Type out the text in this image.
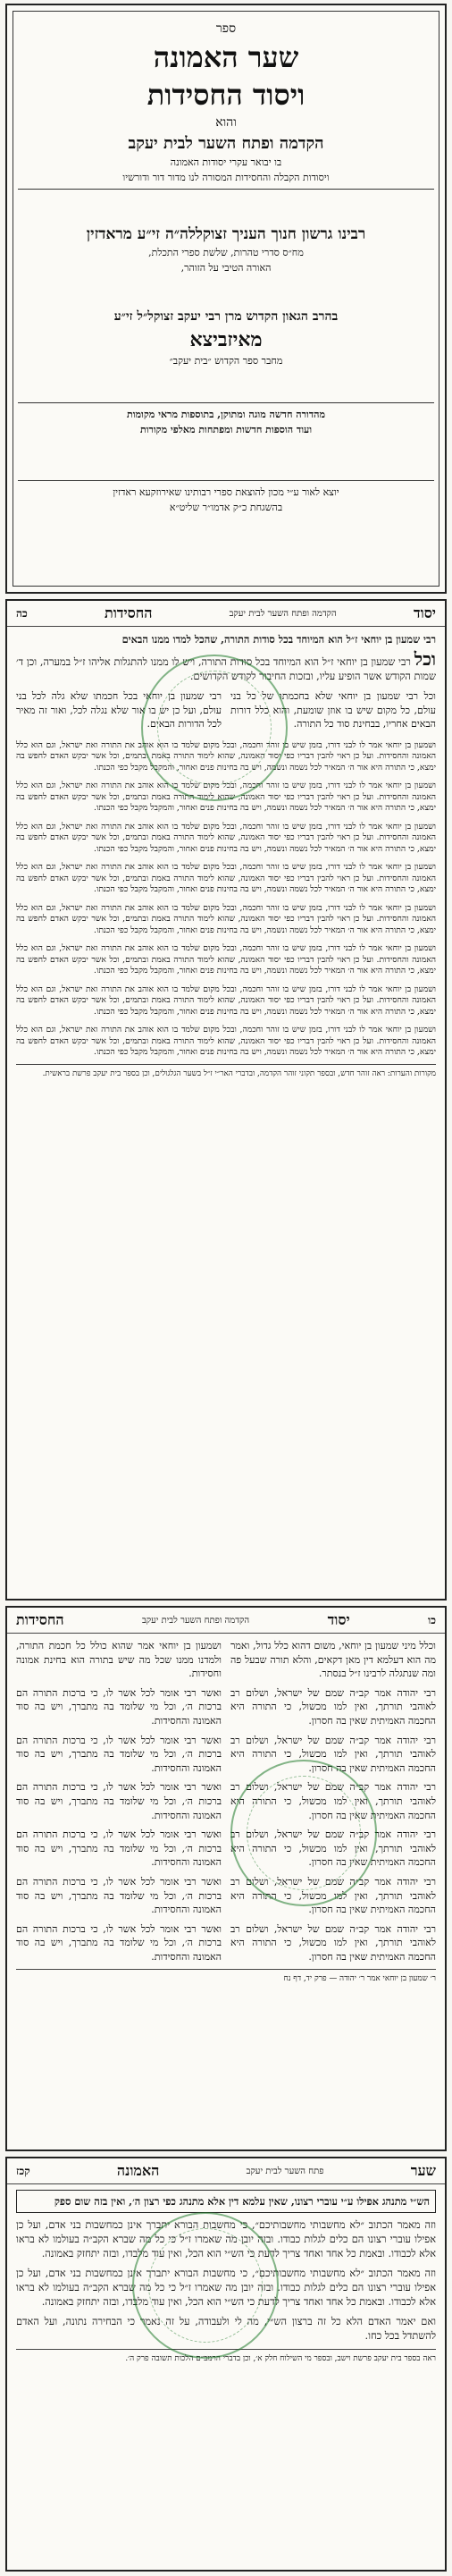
ספר
שער האמונה
ויסוד החסידות
והוא
הקדמה ופתח השער לבית יעקב
בו יבואר עקרי יסודות האמונה
ויסודות הקבלה והחסידות המסורה לנו מדור דור ודורשיו
רבינו גרשון חנוך העניך זצוקללה״ה זי״ע מראדזין
מח״ס סדרי טהרות, שלשת ספרי התכלת,
האורה הטיבי על הזוהר,
בהרב הגאון הקדוש מרן רבי יעקב זצוקל״ל זי״ע
מאיזביצא
מחבר ספר הקדוש ״בית יעקב״
מהדורה חדשה מוגה ומתוקן, בתוספות מראי מקומות
ועוד הוספות חדשות ומפתחות מאלפי מקורות
יוצא לאור ע״י מכון להוצאת ספרי רבותינו שאירוזקעא ראדזין
בהשגחת כ״ק אדמו״ר שליט״א
יסוד
הקדמה ופתח השער לבית יעקב
החסידות
כה
רבי שמעון בן יוחאי ז״ל הוא המיוחד בכל סודות התורה, שהכל למדו ממנו הבאים
וכל רבי שמעון בן יוחאי ז״ל הוא המיוחד בכל סודות התורה, ויש לו ממנו להתגלות אליהו ז״ל במערה, וכן ד׳ שמות הקודש אשר הופיע עליו, ובזכות החיבור לקודש הקדושים.
וכל רבי שמעון בן יוחאי שלא בחכמתו של כל בני עולם, כל מקום שיש בו אוזן שומעת, והוא כלל דורות הבאים אחריו, בבחינת סוד כל התורה.
רבי שמעון בן יוחאי בכל חכמתו שלא גלה לכל בני עולם, ועל כן יש בו אור שלא נגלה לכל, ואור זה מאיר לכל הדורות הבאים.
ושמעון בן יוחאי אמר לו לבני דורו, בזמן שיש בו זוהר וחכמה, ובכל מקום שלמד בו הוא אוהב את התורה ואת ישראל, וגם הוא כלל האמונה והחסידות. ועל כן ראוי להבין דבריו כפי יסוד האמונה, שהוא לימוד התורה באמת ובתמים, וכל אשר יבקש האדם לחפש בה ימצא, כי התורה היא אור ה׳ המאיר לכל נשמה ונשמה, ויש בה בחינות פנים ואחור, והמקבל מקבל כפי הכנתו.
ושמעון בן יוחאי אמר לו לבני דורו, בזמן שיש בו זוהר וחכמה, ובכל מקום שלמד בו הוא אוהב את התורה ואת ישראל, וגם הוא כלל האמונה והחסידות. ועל כן ראוי להבין דבריו כפי יסוד האמונה, שהוא לימוד התורה באמת ובתמים, וכל אשר יבקש האדם לחפש בה ימצא, כי התורה היא אור ה׳ המאיר לכל נשמה ונשמה, ויש בה בחינות פנים ואחור, והמקבל מקבל כפי הכנתו.
ושמעון בן יוחאי אמר לו לבני דורו, בזמן שיש בו זוהר וחכמה, ובכל מקום שלמד בו הוא אוהב את התורה ואת ישראל, וגם הוא כלל האמונה והחסידות. ועל כן ראוי להבין דבריו כפי יסוד האמונה, שהוא לימוד התורה באמת ובתמים, וכל אשר יבקש האדם לחפש בה ימצא, כי התורה היא אור ה׳ המאיר לכל נשמה ונשמה, ויש בה בחינות פנים ואחור, והמקבל מקבל כפי הכנתו.
ושמעון בן יוחאי אמר לו לבני דורו, בזמן שיש בו זוהר וחכמה, ובכל מקום שלמד בו הוא אוהב את התורה ואת ישראל, וגם הוא כלל האמונה והחסידות. ועל כן ראוי להבין דבריו כפי יסוד האמונה, שהוא לימוד התורה באמת ובתמים, וכל אשר יבקש האדם לחפש בה ימצא, כי התורה היא אור ה׳ המאיר לכל נשמה ונשמה, ויש בה בחינות פנים ואחור, והמקבל מקבל כפי הכנתו.
ושמעון בן יוחאי אמר לו לבני דורו, בזמן שיש בו זוהר וחכמה, ובכל מקום שלמד בו הוא אוהב את התורה ואת ישראל, וגם הוא כלל האמונה והחסידות. ועל כן ראוי להבין דבריו כפי יסוד האמונה, שהוא לימוד התורה באמת ובתמים, וכל אשר יבקש האדם לחפש בה ימצא, כי התורה היא אור ה׳ המאיר לכל נשמה ונשמה, ויש בה בחינות פנים ואחור, והמקבל מקבל כפי הכנתו.
ושמעון בן יוחאי אמר לו לבני דורו, בזמן שיש בו זוהר וחכמה, ובכל מקום שלמד בו הוא אוהב את התורה ואת ישראל, וגם הוא כלל האמונה והחסידות. ועל כן ראוי להבין דבריו כפי יסוד האמונה, שהוא לימוד התורה באמת ובתמים, וכל אשר יבקש האדם לחפש בה ימצא, כי התורה היא אור ה׳ המאיר לכל נשמה ונשמה, ויש בה בחינות פנים ואחור, והמקבל מקבל כפי הכנתו.
ושמעון בן יוחאי אמר לו לבני דורו, בזמן שיש בו זוהר וחכמה, ובכל מקום שלמד בו הוא אוהב את התורה ואת ישראל, וגם הוא כלל האמונה והחסידות. ועל כן ראוי להבין דבריו כפי יסוד האמונה, שהוא לימוד התורה באמת ובתמים, וכל אשר יבקש האדם לחפש בה ימצא, כי התורה היא אור ה׳ המאיר לכל נשמה ונשמה, ויש בה בחינות פנים ואחור, והמקבל מקבל כפי הכנתו.
ושמעון בן יוחאי אמר לו לבני דורו, בזמן שיש בו זוהר וחכמה, ובכל מקום שלמד בו הוא אוהב את התורה ואת ישראל, וגם הוא כלל האמונה והחסידות. ועל כן ראוי להבין דבריו כפי יסוד האמונה, שהוא לימוד התורה באמת ובתמים, וכל אשר יבקש האדם לחפש בה ימצא, כי התורה היא אור ה׳ המאיר לכל נשמה ונשמה, ויש בה בחינות פנים ואחור, והמקבל מקבל כפי הכנתו.
מקורות והערות: ראה זוהר חדש, ובספר תקוני זוהר הקדמה, ובדברי האר״י ז״ל בשער הגלגולים, וכן בספר בית יעקב פרשת בראשית.
כו
יסוד
הקדמה ופתח השער לבית יעקב
החסידות
וכלל מיני שמעון בן יוחאי, משום דהוא כלל גדול, ואמר מה הוא דעלמא דין מאן דקאים, והלא תורה שבעל פה ומה שנתגלה לרבינו ז״ל בנסתר.
ושמעון בן יוחאי אמר שהוא כולל כל חכמת התורה, ולמדנו ממנו שכל מה שיש בתורה הוא בחינת אמונה וחסידות.
רבי יהודה אמר קב״ה שמם של ישראל, ושלום רב לאוהבי תורתך, ואין למו מכשול, כי התורה היא החכמה האמיתית שאין בה חסרון.
ואשר רבי אומר לכל אשר לו, כי ברכות התורה הם ברכות ה׳, וכל מי שלומד בה מתברך, ויש בה סוד האמונה והחסידות.
רבי יהודה אמר קב״ה שמם של ישראל, ושלום רב לאוהבי תורתך, ואין למו מכשול, כי התורה היא החכמה האמיתית שאין בה חסרון.
ואשר רבי אומר לכל אשר לו, כי ברכות התורה הם ברכות ה׳, וכל מי שלומד בה מתברך, ויש בה סוד האמונה והחסידות.
רבי יהודה אמר קב״ה שמם של ישראל, ושלום רב לאוהבי תורתך, ואין למו מכשול, כי התורה היא החכמה האמיתית שאין בה חסרון.
ואשר רבי אומר לכל אשר לו, כי ברכות התורה הם ברכות ה׳, וכל מי שלומד בה מתברך, ויש בה סוד האמונה והחסידות.
רבי יהודה אמר קב״ה שמם של ישראל, ושלום רב לאוהבי תורתך, ואין למו מכשול, כי התורה היא החכמה האמיתית שאין בה חסרון.
ואשר רבי אומר לכל אשר לו, כי ברכות התורה הם ברכות ה׳, וכל מי שלומד בה מתברך, ויש בה סוד האמונה והחסידות.
רבי יהודה אמר קב״ה שמם של ישראל, ושלום רב לאוהבי תורתך, ואין למו מכשול, כי התורה היא החכמה האמיתית שאין בה חסרון.
ואשר רבי אומר לכל אשר לו, כי ברכות התורה הם ברכות ה׳, וכל מי שלומד בה מתברך, ויש בה סוד האמונה והחסידות.
רבי יהודה אמר קב״ה שמם של ישראל, ושלום רב לאוהבי תורתך, ואין למו מכשול, כי התורה היא החכמה האמיתית שאין בה חסרון.
ואשר רבי אומר לכל אשר לו, כי ברכות התורה הם ברכות ה׳, וכל מי שלומד בה מתברך, ויש בה סוד האמונה והחסידות.
ר׳ שמעון בן יוחאי אמר ר׳ יהודה — פרק יד, דף נח
שער
פתח השער לבית יעקב
האמונה
קכז
הש״י מתנהג אפילו ע״י עוברי רצונו, שאין עלמא דין אלא מתנהג כפי רצון ה׳, ואין בזה שום ספק
וזה מאמר הכתוב ״לא מחשבותי מחשבותיכם״, כי מחשבות הבורא יתברך אינן כמחשבות בני אדם, ועל כן אפילו עוברי רצונו הם כלים לגלות כבודו. ובזה יובן מה שאמרו ז״ל כי כל מה שברא הקב״ה בעולמו לא בראו אלא לכבודו. ובאמת כל אחד ואחד צריך לדעת כי הש״י הוא הכל, ואין עוד מלבדו, ובזה יתחזק באמונה.
וזה מאמר הכתוב ״לא מחשבותי מחשבותיכם״, כי מחשבות הבורא יתברך אינן כמחשבות בני אדם, ועל כן אפילו עוברי רצונו הם כלים לגלות כבודו. ובזה יובן מה שאמרו ז״ל כי כל מה שברא הקב״ה בעולמו לא בראו אלא לכבודו. ובאמת כל אחד ואחד צריך לדעת כי הש״י הוא הכל, ואין עוד מלבדו, ובזה יתחזק באמונה.
ואם יאמר האדם הלא כל זה ברצון הש״י, מה לי ולעבודה, על זה נאמר כי הבחירה נתונה, ועל האדם להשתדל בכל כחו.
ראה בספר בית יעקב פרשת וישב, ובספר מי השילוח חלק א׳, וכן בדברי הרמב״ם הלכות תשובה פרק ה׳.
